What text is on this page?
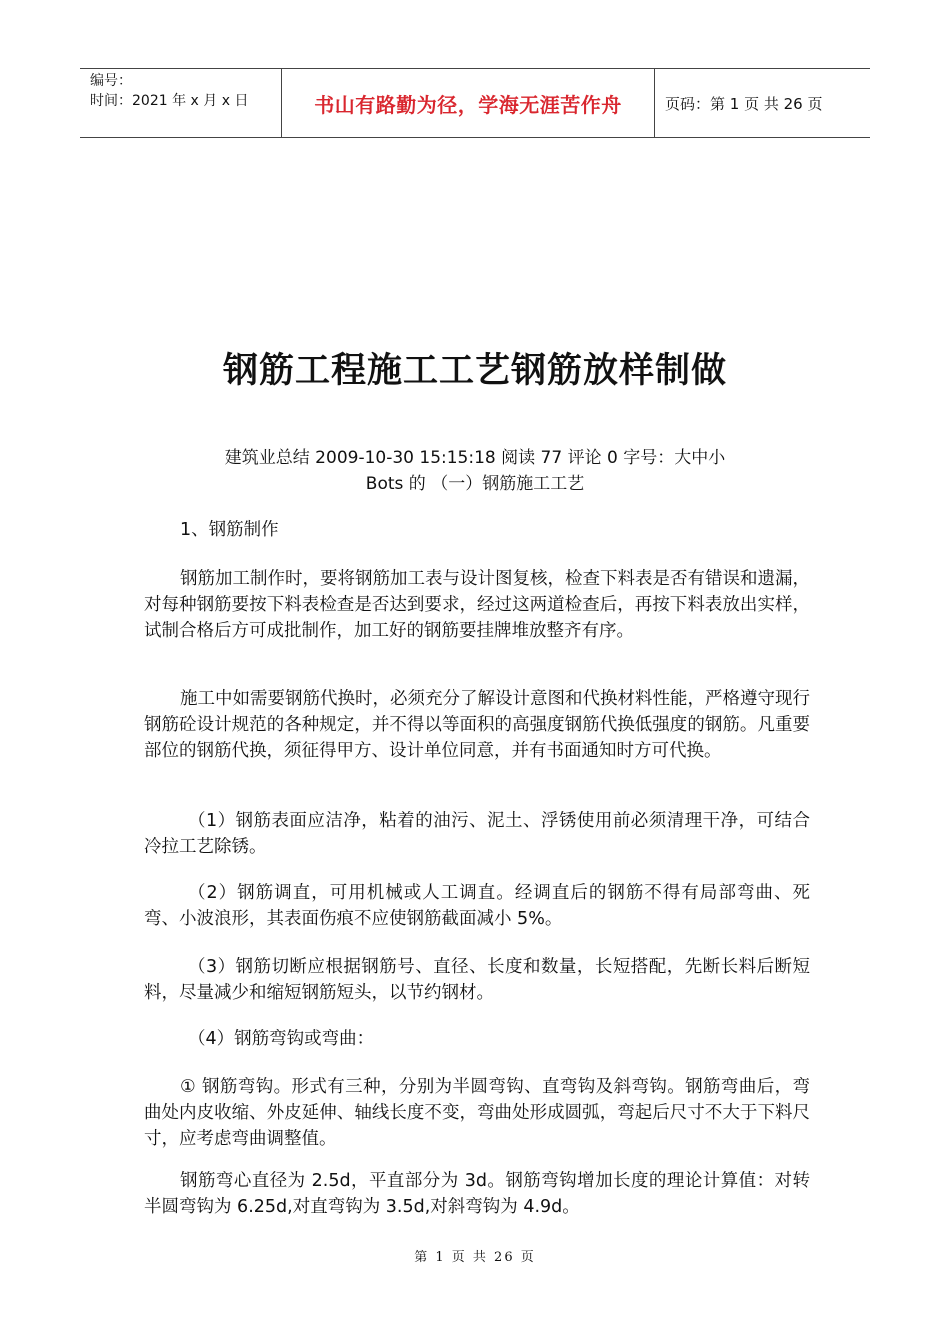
编号：
时间：2021 年 x 月 x 日	书山有路勤为径，学海无涯苦作舟	页码：第 1 页 共 26 页
钢筋工程施工工艺钢筋放样制做
建筑业总结 2009-10-30 15:15:18 阅读 77 评论 0 字号：大中小
Bots 的 （一）钢筋施工工艺

1、钢筋制作

钢筋加工制作时，要将钢筋加工表与设计图复核，检查下料表是否有错误和遗漏，对每种钢筋要按下料表检查是否达到要求，经过这两道检查后，再按下料表放出实样，试制合格后方可成批制作，加工好的钢筋要挂牌堆放整齐有序。

施工中如需要钢筋代换时，必须充分了解设计意图和代换材料性能，严格遵守现行钢筋砼设计规范的各种规定，并不得以等面积的高强度钢筋代换低强度的钢筋。凡重要部位的钢筋代换，须征得甲方、设计单位同意，并有书面通知时方可代换。

（1）钢筋表面应洁净，粘着的油污、泥土、浮锈使用前必须清理干净，可结合冷拉工艺除锈。

（2）钢筋调直，可用机械或人工调直。经调直后的钢筋不得有局部弯曲、死弯、小波浪形，其表面伤痕不应使钢筋截面减小 5%。

（3）钢筋切断应根据钢筋号、直径、长度和数量，长短搭配，先断长料后断短料，尽量减少和缩短钢筋短头，以节约钢材。

（4）钢筋弯钩或弯曲：

① 钢筋弯钩。形式有三种，分别为半圆弯钩、直弯钩及斜弯钩。钢筋弯曲后，弯曲处内皮收缩、外皮延伸、轴线长度不变，弯曲处形成圆弧，弯起后尺寸不大于下料尺寸，应考虑弯曲调整值。

钢筋弯心直径为 2.5d，平直部分为 3d。钢筋弯钩增加长度的理论计算值：对转半圆弯钩为 6.25d,对直弯钩为 3.5d,对斜弯钩为 4.9d。

第 1 页 共 26 页
